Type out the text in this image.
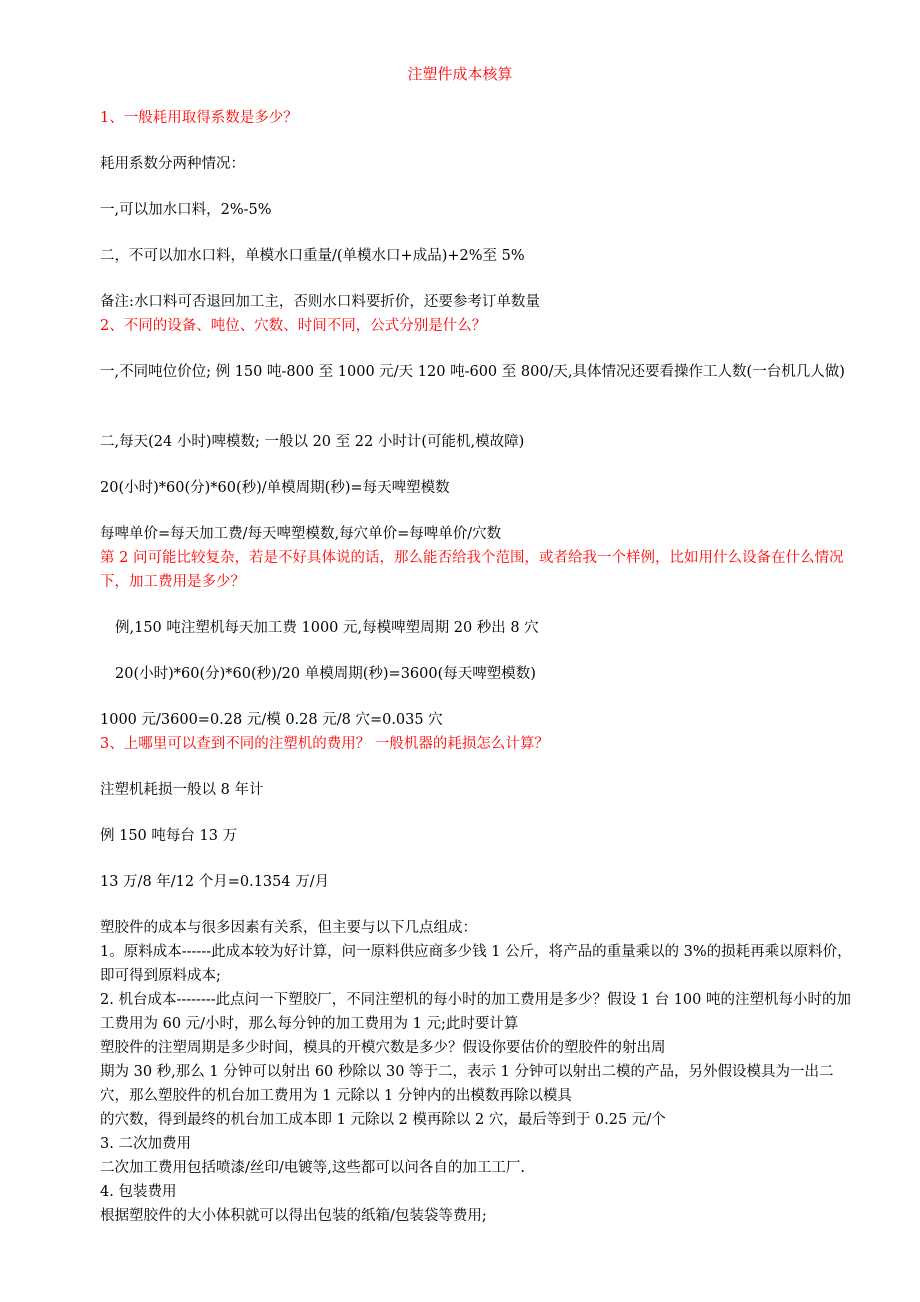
注塑件成本核算
1、一般耗用取得系数是多少？
耗用系数分两种情况：
一,可以加水口料，2%-5%
二，不可以加水口料，单模水口重量/(单模水口+成品)+2%至 5%
备注:水口料可否退回加工主，否则水口料要折价，还要参考订单数量
2、不同的设备、吨位、穴数、时间不同，公式分别是什么？
一,不同吨位价位; 例 150 吨-800 至 1000 元/天 120 吨-600 至 800/天,具体情况还要看操作工人数(一台机几人做)
二,每天(24 小时)啤模数; 一般以 20 至 22 小时计(可能机,模故障)
20(小时)*60(分)*60(秒)/单模周期(秒)=每天啤塑模数
每啤单价=每天加工费/每天啤塑模数,每穴单价=每啤单价/穴数
第 2 问可能比较复杂，若是不好具体说的话，那么能否给我个范围，或者给我一个样例，比如用什么设备在什么情况下，加工费用是多少？
例,150 吨注塑机每天加工费 1000 元,每模啤塑周期 20 秒出 8 穴
20(小时)*60(分)*60(秒)/20 单模周期(秒)=3600(每天啤塑模数)
1000 元/3600=0.28 元/模 0.28 元/8 穴=0.035 穴
3、上哪里可以查到不同的注塑机的费用？ 一般机器的耗损怎么计算？
注塑机耗损一般以 8 年计
例 150 吨每台 13 万
13 万/8 年/12 个月=0.1354 万/月
塑胶件的成本与很多因素有关系，但主要与以下几点组成：
1。原料成本------此成本较为好计算，问一原料供应商多少钱 1 公斤，将产品的重量乘以的 3%的损耗再乘以原料价，即可得到原料成本;
2. 机台成本--------此点问一下塑胶厂，不同注塑机的每小时的加工费用是多少？假设 1 台 100 吨的注塑机每小时的加工费用为 60 元/小时，那么每分钟的加工费用为 1 元;此时要计算
塑胶件的注塑周期是多少时间，模具的开模穴数是多少？假设你要估价的塑胶件的射出周
期为 30 秒,那么 1 分钟可以射出 60 秒除以 30 等于二，表示 1 分钟可以射出二模的产品，另外假设模具为一出二穴，那么塑胶件的机台加工费用为 1 元除以 1 分钟内的出模数再除以模具
的穴数，得到最终的机台加工成本即 1 元除以 2 模再除以 2 穴，最后等到于 0.25 元/个
3. 二次加费用
二次加工费用包括喷漆/丝印/电镀等,这些都可以问各自的加工工厂.
4. 包装费用
根据塑胶件的大小体积就可以得出包装的纸箱/包装袋等费用;
